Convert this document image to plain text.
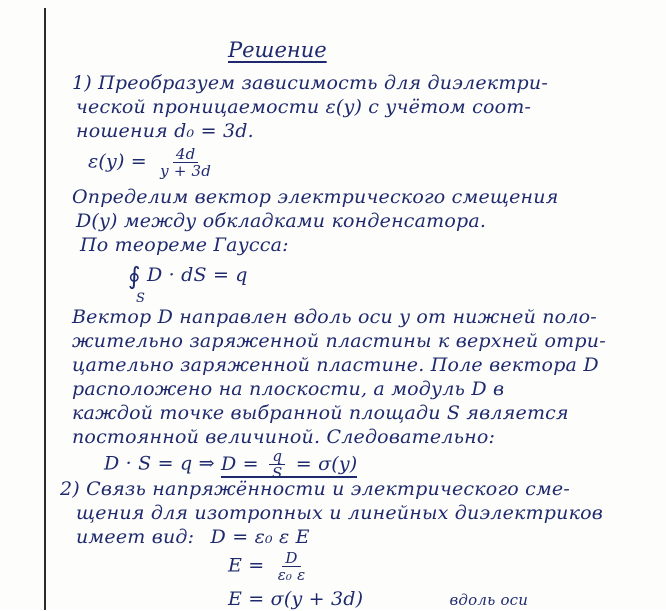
Решение
1) Преобразуем зависимость для диэлектри-
ческой проницаемости ε(y) с учётом соот-
ношения d₀ = 3d.
$\varepsilon(y) = \frac{4d}{y + 3d}$
Определим вектор электрического смещения
D(y) между обкладками конденсатора.
По теореме Гаусса:
∮ D · dS = q
S
Вектор D направлен вдоль оси y от нижней поло-
жительно заряженной пластины к верхней отри-
цательно заряженной пластине. Поле вектора D
расположено на плоскости, а модуль D в
каждой точке выбранной площади S является
постоянной величиной. Следовательно:
D · S = q ⇒ $D = \frac{q}{S} = \sigma(y)$
2) Связь напряжённости и электрического сме-
щения для изотропных и линейных диэлектриков
имеет вид: D = ε₀ ε E
$E = \frac{D}{\text{ε₀ ε}}$
E = σ(y + 3d)	вдоль оси
